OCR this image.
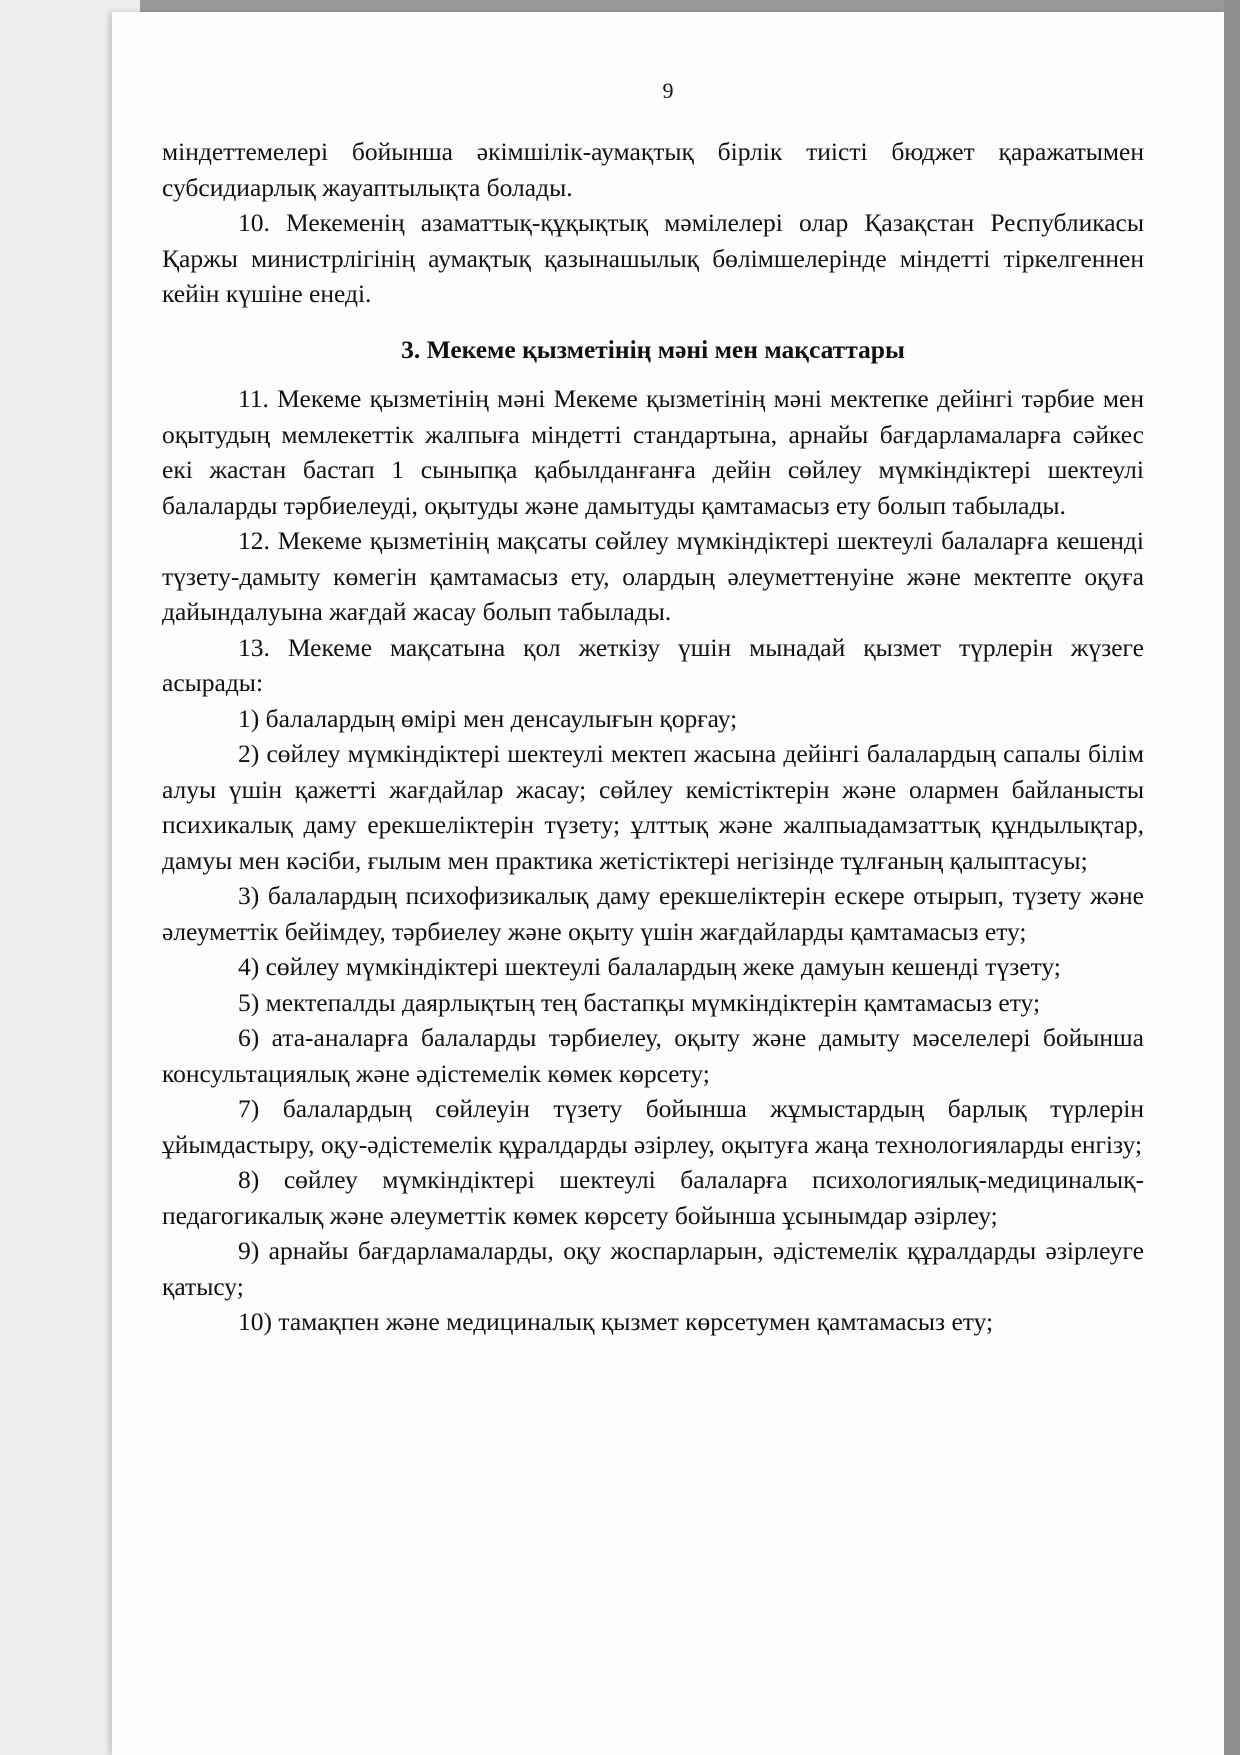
9

міндеттемелері бойынша әкімшілік-аумақтық бірлік тиісті бюджет қаражатымен субсидиарлық жауаптылықта болады.

10. Мекеменің азаматтық-құқықтық мәмілелері олар Қазақстан Республикасы Қаржы министрлігінің аумақтық қазынашылық бөлімшелерінде міндетті тіркелгеннен кейін күшіне енеді.

3. Мекеме қызметінің мәні мен мақсаттары

11. Мекеме қызметінің мәні Мекеме қызметінің мәні мектепке дейінгі тәрбие мен оқытудың мемлекеттік жалпыға міндетті стандартына, арнайы бағдарламаларға сәйкес екі жастан бастап 1 сыныпқа қабылданғанға дейін сөйлеу мүмкіндіктері шектеулі балаларды тәрбиелеуді, оқытуды және дамытуды қамтамасыз ету болып табылады.

12. Мекеме қызметінің мақсаты сөйлеу мүмкіндіктері шектеулі балаларға кешенді түзету-дамыту көмегін қамтамасыз ету, олардың әлеуметтенуіне және мектепте оқуға дайындалуына жағдай жасау болып табылады.

13. Мекеме мақсатына қол жеткізу үшін мынадай қызмет түрлерін жүзеге асырады:

1) балалардың өмірі мен денсаулығын қорғау;

2) сөйлеу мүмкіндіктері шектеулі мектеп жасына дейінгі балалардың сапалы білім алуы үшін қажетті жағдайлар жасау; сөйлеу кемістіктерін және олармен байланысты психикалық даму ерекшеліктерін түзету; ұлттық және жалпыадамзаттық құндылықтар, дамуы мен кәсіби, ғылым мен практика жетістіктері негізінде тұлғаның қалыптасуы;

3) балалардың психофизикалық даму ерекшеліктерін ескере отырып, түзету және әлеуметтік бейімдеу, тәрбиелеу және оқыту үшін жағдайларды қамтамасыз ету;

4) сөйлеу мүмкіндіктері шектеулі балалардың жеке дамуын кешенді түзету;

5) мектепалды даярлықтың тең бастапқы мүмкіндіктерін қамтамасыз ету;

6) ата-аналарға балаларды тәрбиелеу, оқыту және дамыту мәселелері бойынша консультациялық және әдістемелік көмек көрсету;

7) балалардың сөйлеуін түзету бойынша жұмыстардың барлық түрлерін ұйымдастыру, оқу-әдістемелік құралдарды әзірлеу, оқытуға жаңа технологияларды енгізу;

8) сөйлеу мүмкіндіктері шектеулі балаларға психологиялық-медициналық-педагогикалық және әлеуметтік көмек көрсету бойынша ұсынымдар әзірлеу;

9) арнайы бағдарламаларды, оқу жоспарларын, әдістемелік құралдарды әзірлеуге қатысу;

10) тамақпен және медициналық қызмет көрсетумен қамтамасыз ету;
